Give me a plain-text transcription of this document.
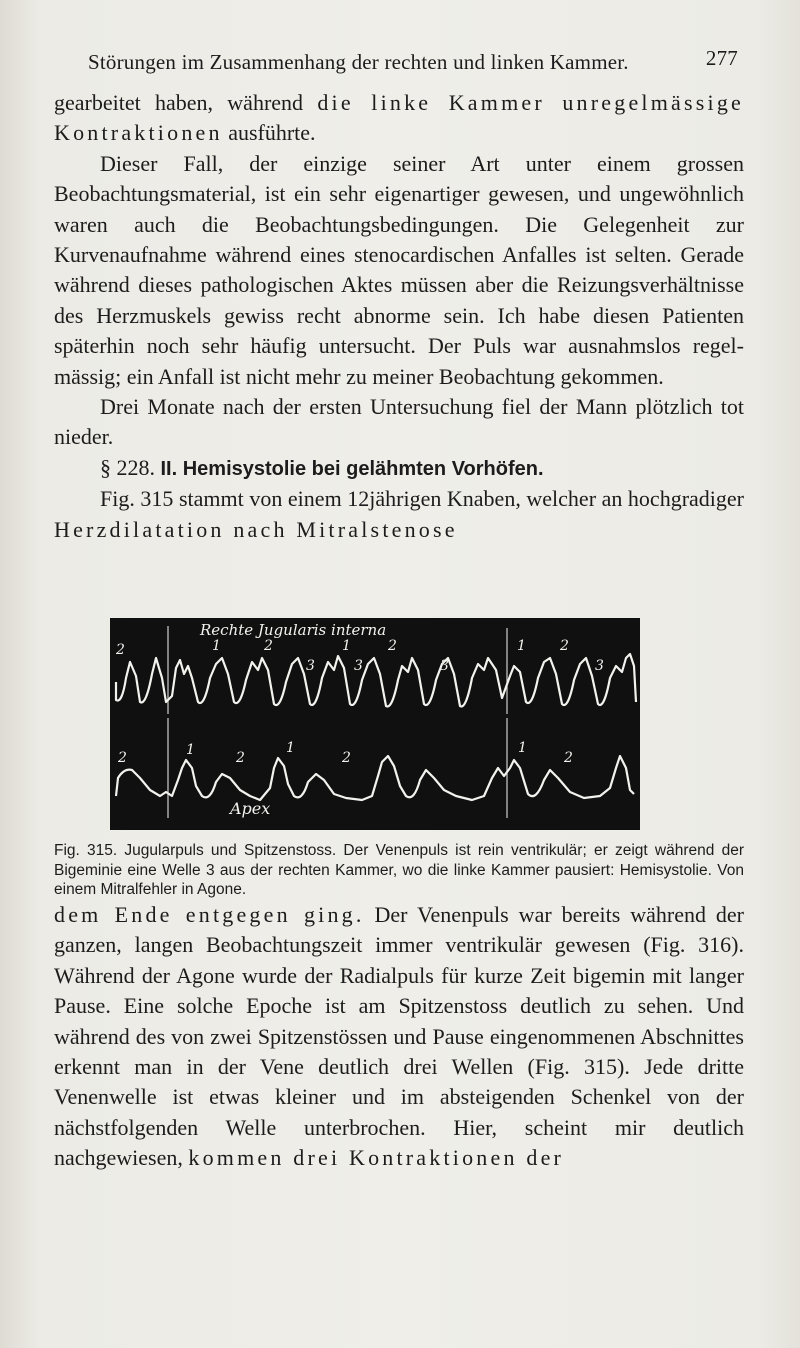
Störungen im Zusammenhang der rechten und linken Kammer.	277

gearbeitet haben, während die linke Kammer unregelmässige Kontraktionen ausführte.

Dieser Fall, der einzige seiner Art unter einem grossen Beobachtungsmaterial, ist ein sehr eigenartiger gewesen, und ungewöhnlich waren auch die Beobachtungsbedingungen. Die Gelegenheit zur Kurvenaufnahme während eines stenocardischen Anfalles ist selten. Gerade während dieses pathologischen Aktes müssen aber die Reizungsverhältnisse des Herzmuskels gewiss recht abnorme sein. Ich habe diesen Patienten späterhin noch sehr häufig untersucht. Der Puls war ausnahmslos regelmässig; ein Anfall ist nicht mehr zu meiner Beobachtung gekommen.

Drei Monate nach der ersten Untersuchung fiel der Mann plötzlich tot nieder.

§ 228. II. Hemisystolie bei gelähmten Vorhöfen.

Fig. 315 stammt von einem 12jährigen Knaben, welcher an hochgradiger Herzdilatation nach Mitralstenose

Rechte Jugularis interna
Apex
2	1	2
3
1	2
3	3
1 2
3
2	1	2
1
2
1
2

Fig. 315. Jugularpuls und Spitzenstoss. Der Venenpuls ist rein ventrikulär; er zeigt während der Bigeminie eine Welle 3 aus der rechten Kammer, wo die linke Kammer pausiert: Hemisystolie. Von einem Mitralfehler in Agone.

dem Ende entgegen ging. Der Venenpuls war bereits während der ganzen, langen Beobachtungszeit immer ventrikulär gewesen (Fig. 316). Während der Agone wurde der Radialpuls für kurze Zeit bigemin mit langer Pause. Eine solche Epoche ist am Spitzenstoss deutlich zu sehen. Und während des von zwei Spitzenstössen und Pause eingenommenen Abschnittes erkennt man in der Vene deutlich drei Wellen (Fig. 315). Jede dritte Venenwelle ist etwas kleiner und im absteigenden Schenkel von der nächstfolgenden Welle unterbrochen. Hier, scheint mir deutlich nachgewiesen, kommen drei Kontraktionen der
